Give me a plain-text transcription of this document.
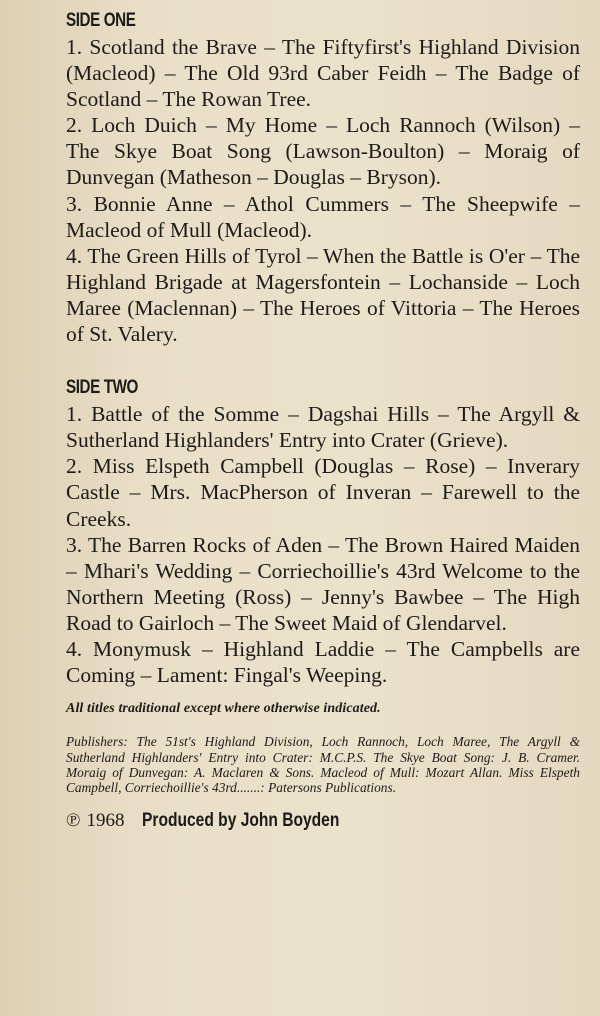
SIDE ONE

1. Scotland the Brave – The Fiftyfirst's Highland Division (Macleod) – The Old 93rd Caber Feidh – The Badge of Scotland – The Rowan Tree.

2. Loch Duich – My Home – Loch Rannoch (Wilson) – The Skye Boat Song (Lawson-Boulton) – Moraig of Dunvegan (Matheson – Douglas – Bryson).

3. Bonnie Anne – Athol Cummers – The Sheepwife – Macleod of Mull (Macleod).

4. The Green Hills of Tyrol – When the Battle is O'er – The Highland Brigade at Magersfontein – Lochanside – Loch Maree (Maclennan) – The Heroes of Vittoria – The Heroes of St. Valery.

SIDE TWO

1. Battle of the Somme – Dagshai Hills – The Argyll & Sutherland Highlanders' Entry into Crater (Grieve).

2. Miss Elspeth Campbell (Douglas – Rose) – Inverary Castle – Mrs. MacPherson of Inveran – Farewell to the Creeks.

3. The Barren Rocks of Aden – The Brown Haired Maiden – Mhari's Wedding – Corriechoillie's 43rd Welcome to the Northern Meeting (Ross) – Jenny's Bawbee – The High Road to Gairloch – The Sweet Maid of Glendarvel.

4. Monymusk – Highland Laddie – The Campbells are Coming – Lament: Fingal's Weeping.

All titles traditional except where otherwise indicated.
Publishers: The 51st's Highland Division, Loch Rannoch, Loch Maree, The Argyll & Sutherland Highlanders' Entry into Crater: M.C.P.S. The Skye Boat Song: J. B. Cramer. Moraig of Dunvegan: A. Maclaren & Sons. Macleod of Mull: Mozart Allan. Miss Elspeth Campbell, Corriechoillie's 43rd.......: Patersons Publications.
℗ 1968 Produced by John Boyden
